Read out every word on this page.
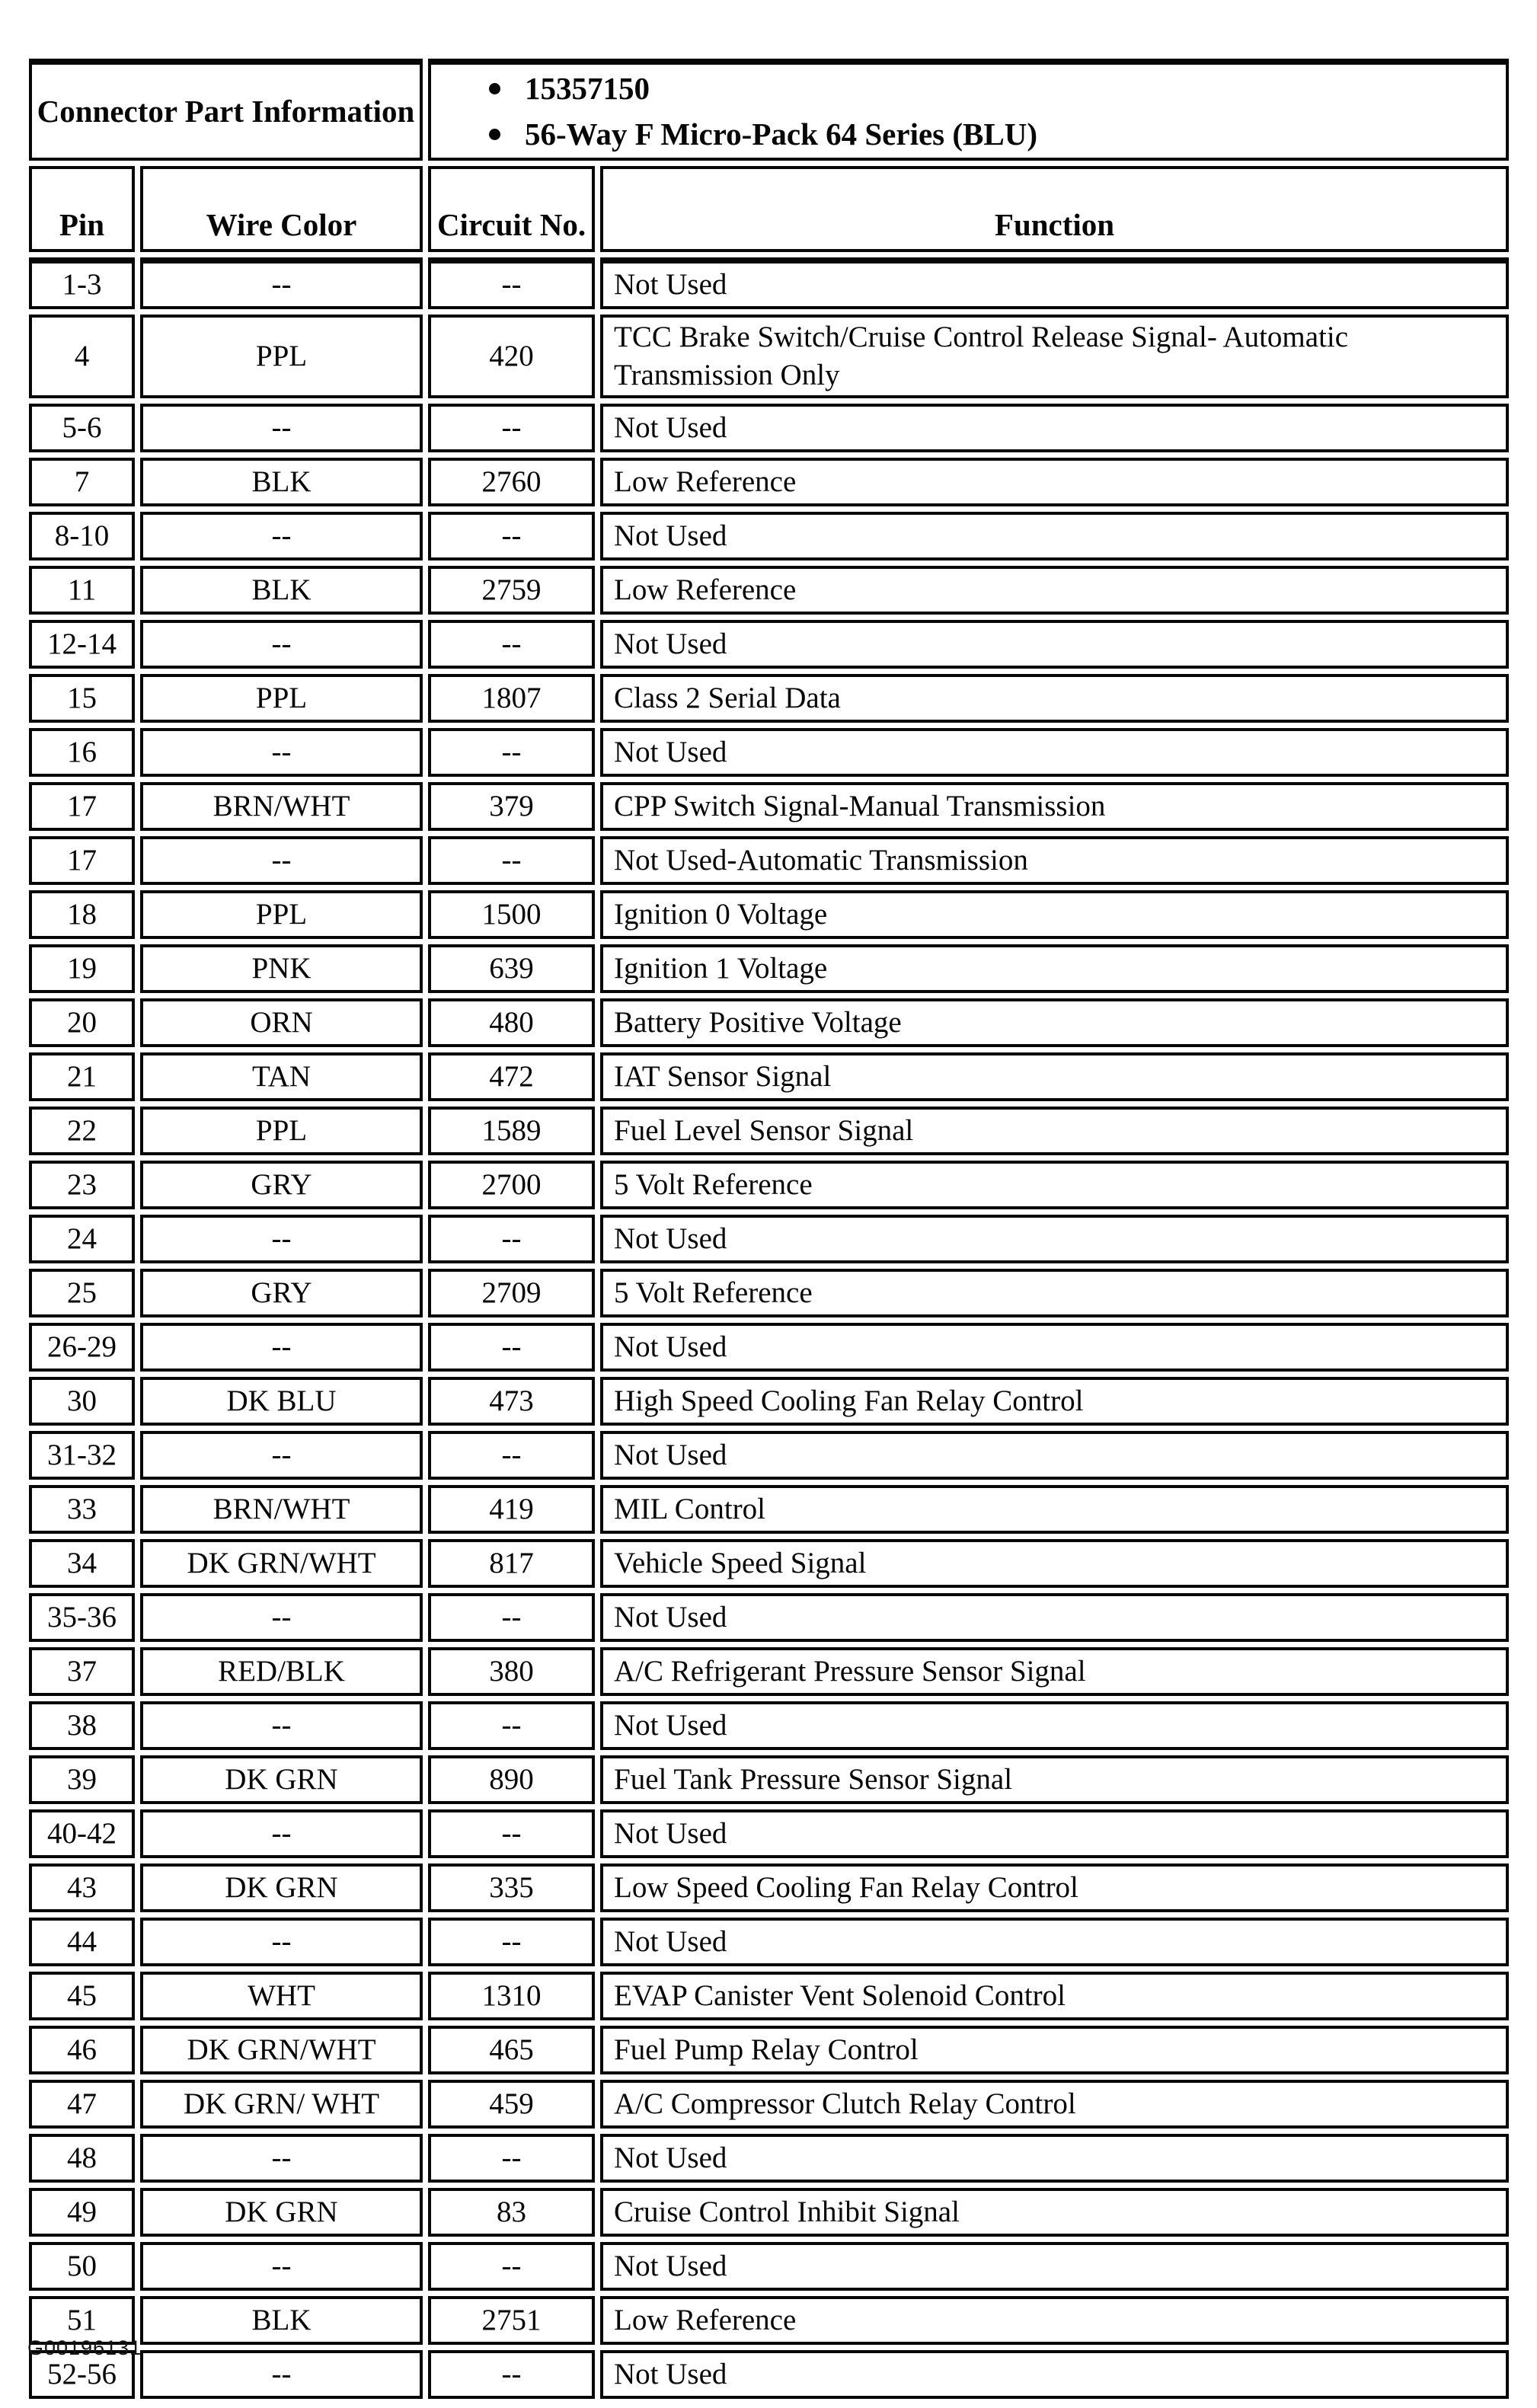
Connector Part Information	
15357150
56-Way F Micro-Pack 64 Series (BLU)

Pin	Wire Color	Circuit No.	Function
1-3	--	--	Not Used
4	PPL	420	TCC Brake Switch/Cruise Control Release Signal- Automatic Transmission Only
5-6	--	--	Not Used
7	BLK	2760	Low Reference
8-10	--	--	Not Used
11	BLK	2759	Low Reference
12-14	--	--	Not Used
15	PPL	1807	Class 2 Serial Data
16	--	--	Not Used
17	BRN/WHT	379	CPP Switch Signal-Manual Transmission
17	--	--	Not Used-Automatic Transmission
18	PPL	1500	Ignition 0 Voltage
19	PNK	639	Ignition 1 Voltage
20	ORN	480	Battery Positive Voltage
21	TAN	472	IAT Sensor Signal
22	PPL	1589	Fuel Level Sensor Signal
23	GRY	2700	5 Volt Reference
24	--	--	Not Used
25	GRY	2709	5 Volt Reference
26-29	--	--	Not Used
30	DK BLU	473	High Speed Cooling Fan Relay Control
31-32	--	--	Not Used
33	BRN/WHT	419	MIL Control
34	DK GRN/WHT	817	Vehicle Speed Signal
35-36	--	--	Not Used
37	RED/BLK	380	A/C Refrigerant Pressure Sensor Signal
38	--	--	Not Used
39	DK GRN	890	Fuel Tank Pressure Sensor Signal
40-42	--	--	Not Used
43	DK GRN	335	Low Speed Cooling Fan Relay Control
44	--	--	Not Used
45	WHT	1310	EVAP Canister Vent Solenoid Control
46	DK GRN/WHT	465	Fuel Pump Relay Control
47	DK GRN/ WHT	459	A/C Compressor Clutch Relay Control
48	--	--	Not Used
49	DK GRN	83	Cruise Control Inhibit Signal
50	--	--	Not Used
51	BLK	2751	Low Reference
52-56	--	--	Not Used
G00196131
